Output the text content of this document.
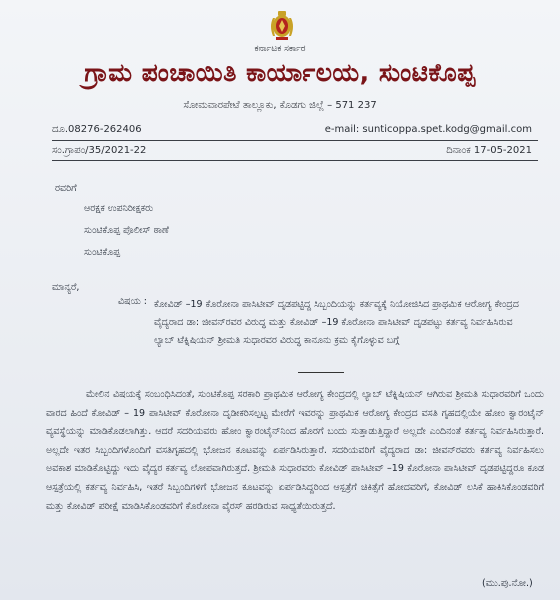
ಕರ್ನಾಟಕ ಸರ್ಕಾರ
ಗ್ರಾಮ ಪಂಚಾಯಿತಿ ಕಾರ್ಯಾಲಯ, ಸುಂಟಿಕೊಪ್ಪ
ಸೋಮವಾರಪೇಟೆ ತಾಲ್ಲೂಕು, ಕೊಡಗು ಜಿಲ್ಲೆ – 571 237
ದೂ.08276-262406	e-mail: sunticoppa.spet.kodg@gmail.com
ಸಂ.ಗ್ರಾಪಂ/35/2021-22	ದಿನಾಂಕ 17-05-2021
ರವರಿಗೆ
ಆರಕ್ಷಕ ಉಪನಿರೀಕ್ಷಕರು
ಸುಂಟಿಕೊಪ್ಪ ಪೊಲೀಸ್ ಠಾಣೆ
ಸುಂಟಿಕೊಪ್ಪ
ಮಾನ್ಯರೆ,
ವಿಷಯ : ಕೋವಿಡ್ –19 ಕೊರೋನಾ ಪಾಸಿಟೀವ್ ದೃಡಪಟ್ಟಿದ್ದ ಸಿಬ್ಬಂದಿಯನ್ನು ಕರ್ತವ್ಯಕ್ಕೆ ನಿಯೋಜಿಸಿದ ಪ್ರಾಥಮಿಕ ಆರೋಗ್ಯ ಕೇಂದ್ರದ ವೈದ್ಯರಾದ ಡಾ: ಜೀವನ್‌ರವರ ವಿರುದ್ಧ ಮತ್ತು ಕೋವಿಡ್ –19 ಕೊರೋನಾ ಪಾಸಿಟೀವ್ ದೃಡಪಟ್ಟು ಕರ್ತವ್ಯ ನಿರ್ವಹಿಸಿರುವ ಲ್ಯಾಬ್ ಟೆಕ್ನಿಷಿಯನ್ ಶ್ರೀಮತಿ ಸುಧಾರವರ ವಿರುದ್ಧ ಕಾನೂನು ಕ್ರಮ ಕೈಗೊಳ್ಳುವ ಬಗ್ಗೆ
ಮೇಲಿನ ವಿಷಯಕ್ಕೆ ಸಂಬಂಧಿಸಿದಂತೆ, ಸುಂಟಿಕೊಪ್ಪ ಸರಕಾರಿ ಪ್ರಾಥಮಿಕ ಆರೋಗ್ಯ ಕೇಂದ್ರದಲ್ಲಿ ಲ್ಯಾಬ್ ಟೆಕ್ನಿಷಿಯನ್ ಆಗಿರುವ ಶ್ರೀಮತಿ ಸುಧಾರವರಿಗೆ ಒಂದು ವಾರದ ಹಿಂದೆ ಕೋವಿಡ್ – 19 ಪಾಸಿಟೀವ್ ಕೊರೋನಾ ದೃಡೀಕರಿಸಲ್ಪಟ್ಟ ಮೇರೆಗೆ ಇವರನ್ನು ಪ್ರಾಥಮಿಕ ಆರೋಗ್ಯ ಕೇಂದ್ರದ ವಸತಿ ಗೃಹದಲ್ಲಿಯೇ ಹೋಂ ಕ್ವಾರಂಟೈನ್ ವ್ಯವಸ್ಥೆಯನ್ನು ಮಾಡಿಕೊಡಲಾಗಿತ್ತು. ಆದರೆ ಸದರಿಯವರು ಹೋಂ ಕ್ವಾರಂಟೈನ್‌ನಿಂದ ಹೊರಗೆ ಬಂದು ಸುತ್ತಾಡುತ್ತಿದ್ದಾರೆ ಅಲ್ಲದೇ ಎಂದಿನಂತೆ ಕರ್ತವ್ಯ ನಿರ್ವಹಿಸಿರುತ್ತಾರೆ. ಅಲ್ಲದೇ ಇತರ ಸಿಬ್ಬಂದಿಗಳೊಂದಿಗೆ ವಸತಿಗೃಹದಲ್ಲಿ ಭೋಜನ ಕೂಟವನ್ನು ಏರ್ಪಡಿಸಿರುತ್ತಾರೆ. ಸದರಿಯವರಿಗೆ ವೈದ್ಯರಾದ ಡಾ: ಜೀವನ್‌ರವರು ಕರ್ತವ್ಯ ನಿರ್ವಹಿಸಲು ಅವಕಾಶ ಮಾಡಿಕೊಟ್ಟಿದ್ದು ಇದು ವೈದ್ಯರ ಕರ್ತವ್ಯ ಲೋಪವಾಗಿರುತ್ತದೆ. ಶ್ರೀಮತಿ ಸುಧಾರವರು ಕೋವಿಡ್ ಪಾಸಿಟೀವ್ –19 ಕೊರೋನಾ ಪಾಸಿಟೀವ್ ದೃಡಪಟ್ಟಿದ್ದರೂ ಕೂಡ ಆಸ್ಪತ್ರೆಯಲ್ಲಿ ಕರ್ತವ್ಯ ನಿರ್ವಹಿಸಿ, ಇತರೆ ಸಿಬ್ಬಂದಿಗಳಿಗೆ ಭೋಜನ ಕೂಟವನ್ನು ಏರ್ಪಡಿಸಿದ್ದರಿಂದ ಆಸ್ಪತ್ರೆಗೆ ಚಿಕಿತ್ಸೆಗೆ ಹೋದವರಿಗೆ, ಕೋವಿಡ್ ಲಸಿಕೆ ಹಾಕಿಸಿಕೊಂಡವರಿಗೆ ಮತ್ತು ಕೋವಿಡ್ ಪರೀಕ್ಷೆ ಮಾಡಿಸಿಕೊಂಡವರಿಗೆ ಕೊರೋನಾ ವೈರಸ್ ಹರಡಿರುವ ಸಾಧ್ಯತೆಯಿರುತ್ತದೆ.
(ಮು.ಪು.ನೋ.)
